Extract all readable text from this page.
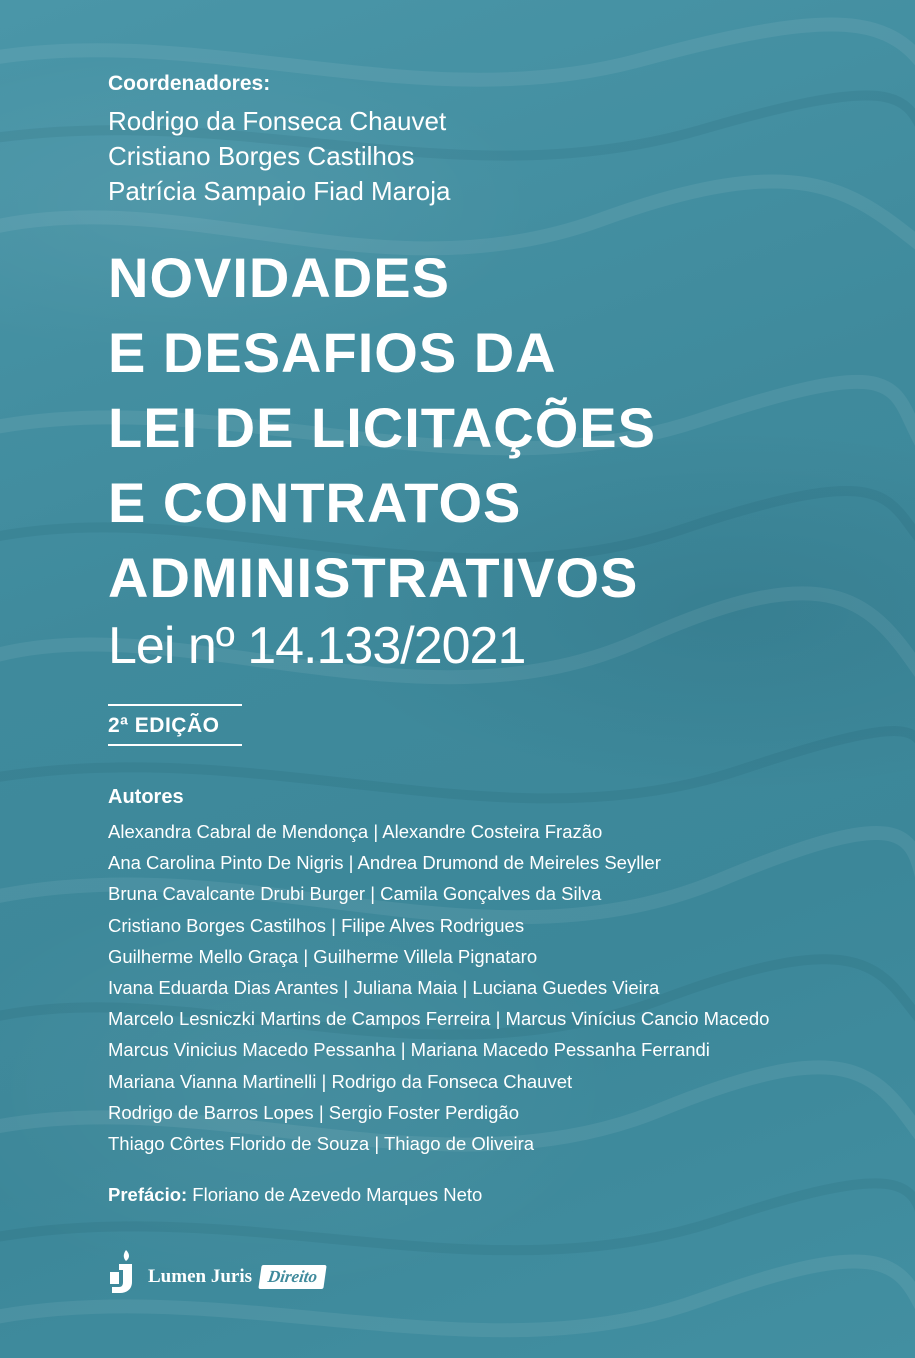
Coordenadores:
Rodrigo da Fonseca Chauvet
Cristiano Borges Castilhos
Patrícia Sampaio Fiad Maroja
NOVIDADES
E DESAFIOS DA
LEI DE LICITAÇÕES
E CONTRATOS
ADMINISTRATIVOS
Lei nº 14.133/2021
2ª EDIÇÃO
Autores
Alexandra Cabral de Mendonça | Alexandre Costeira Frazão
Ana Carolina Pinto De Nigris | Andrea Drumond de Meireles Seyller
Bruna Cavalcante Drubi Burger | Camila Gonçalves da Silva
Cristiano Borges Castilhos | Filipe Alves Rodrigues
Guilherme Mello Graça | Guilherme Villela Pignataro
Ivana Eduarda Dias Arantes | Juliana Maia | Luciana Guedes Vieira
Marcelo Lesniczki Martins de Campos Ferreira | Marcus Vinícius Cancio Macedo
Marcus Vinicius Macedo Pessanha | Mariana Macedo Pessanha Ferrandi
Mariana Vianna Martinelli | Rodrigo da Fonseca Chauvet
Rodrigo de Barros Lopes | Sergio Foster Perdigão
Thiago Côrtes Florido de Souza | Thiago de Oliveira
Prefácio: Floriano de Azevedo Marques Neto
Lumen Juris Direito
